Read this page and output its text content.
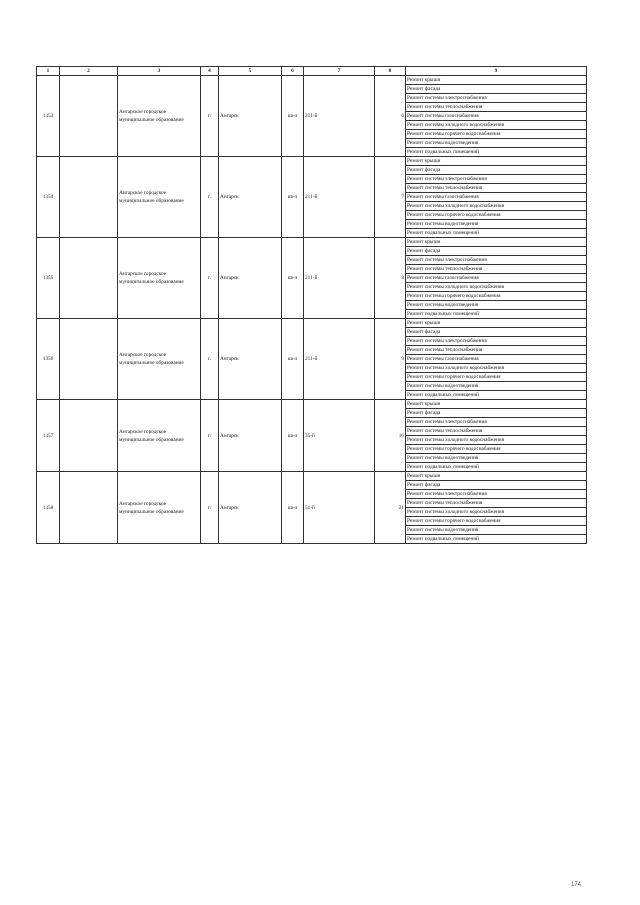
1	2	3	4	5	6	7	8	9
1353		Ангарское городское муниципальное образование	г.	Ангарск	кв-л	211-й	6	Ремонт крыши
								Ремонт фасада
								Ремонт системы электроснабжения
								Ремонт системы теплоснабжения
								Ремонт системы газоснабжения
								Ремонт системы холодного водоснабжения
								Ремонт системы горячего водоснабжения
								Ремонт системы водоотведения
								Ремонт подвальных помещений
1354		Ангарское городское муниципальное образование	г.	Ангарск	кв-л	211-й	7	Ремонт крыши
								Ремонт фасада
								Ремонт системы электроснабжения
								Ремонт системы теплоснабжения
								Ремонт системы газоснабжения
								Ремонт системы холодного водоснабжения
								Ремонт системы горячего водоснабжения
								Ремонт системы водоотведения
								Ремонт подвальных помещений
1355		Ангарское городское муниципальное образование	г.	Ангарск	кв-л	211-й	8	Ремонт крыши
								Ремонт фасада
								Ремонт системы электроснабжения
								Ремонт системы теплоснабжения
								Ремонт системы газоснабжения
								Ремонт системы холодного водоснабжения
								Ремонт системы горячего водоснабжения
								Ремонт системы водоотведения
								Ремонт подвальных помещений
1356		Ангарское городское муниципальное образование	г.	Ангарск	кв-л	211-й	9	Ремонт крыши
								Ремонт фасада
								Ремонт системы электроснабжения
								Ремонт системы теплоснабжения
								Ремонт системы газоснабжения
								Ремонт системы холодного водоснабжения
								Ремонт системы горячего водоснабжения
								Ремонт системы водоотведения
								Ремонт подвальных помещений
1357		Ангарское городское муниципальное образование	г.	Ангарск	кв-л	35-й	16	Ремонт крыши
								Ремонт фасада
								Ремонт системы электроснабжения
								Ремонт системы теплоснабжения
								Ремонт системы холодного водоснабжения
								Ремонт системы горячего водоснабжения
								Ремонт системы водоотведения
								Ремонт подвальных помещений
1358		Ангарское городское муниципальное образование	г.	Ангарск	кв-л	51-й	21	Ремонт крыши
								Ремонт фасада
								Ремонт системы электроснабжения
								Ремонт системы теплоснабжения
								Ремонт системы холодного водоснабжения
								Ремонт системы горячего водоснабжения
								Ремонт системы водоотведения
								Ремонт подвальных помещений
174
